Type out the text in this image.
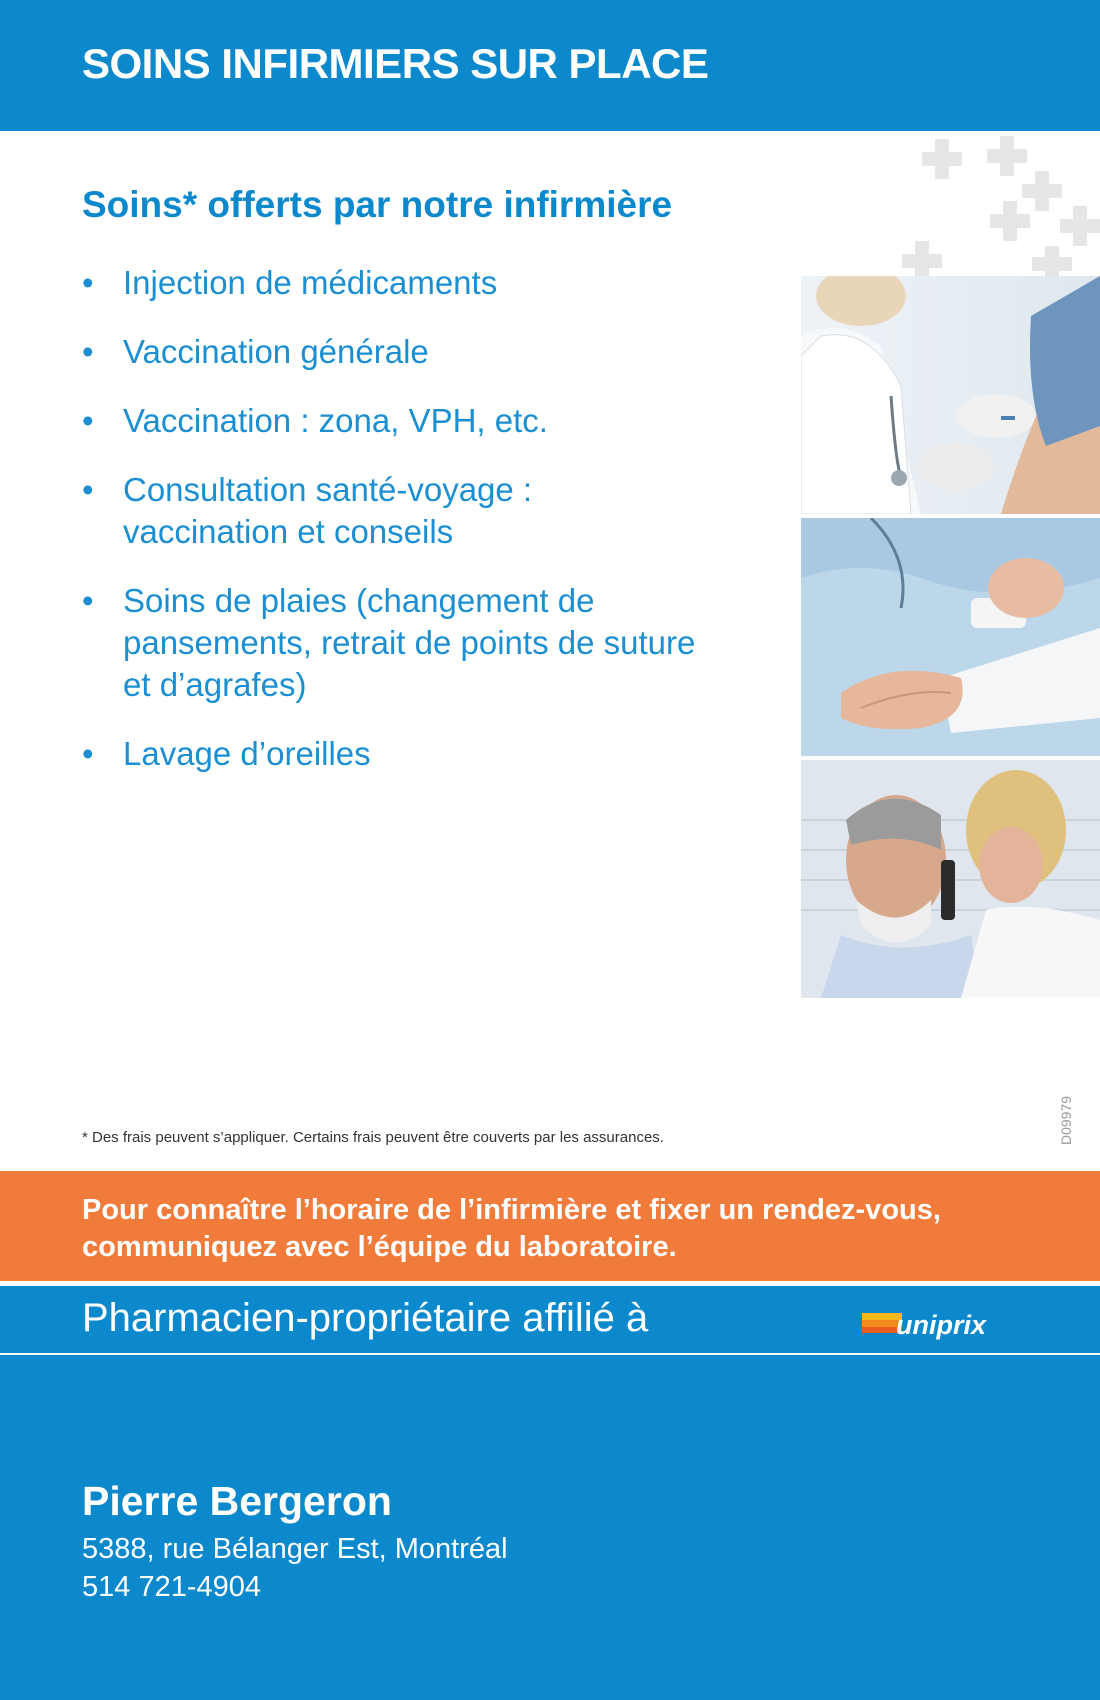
SOINS INFIRMIERS SUR PLACE
Soins* offerts par notre infirmière
• Injection de médicaments
• Vaccination générale
• Vaccination : zona, VPH, etc.
• Consultation santé-voyage : vaccination et conseils
• Soins de plaies (changement de pansements, retrait de points de suture et d’agrafes)
• Lavage d’oreilles
D09979
* Des frais peuvent s’appliquer. Certains frais peuvent être couverts par les assurances.
Pour connaître l’horaire de l’infirmière et fixer un rendez-vous, communiquez avec l’équipe du laboratoire.
Pharmacien-propriétaire affilié à	uniprix
Pierre Bergeron
5388, rue Bélanger Est, Montréal
514 721-4904
